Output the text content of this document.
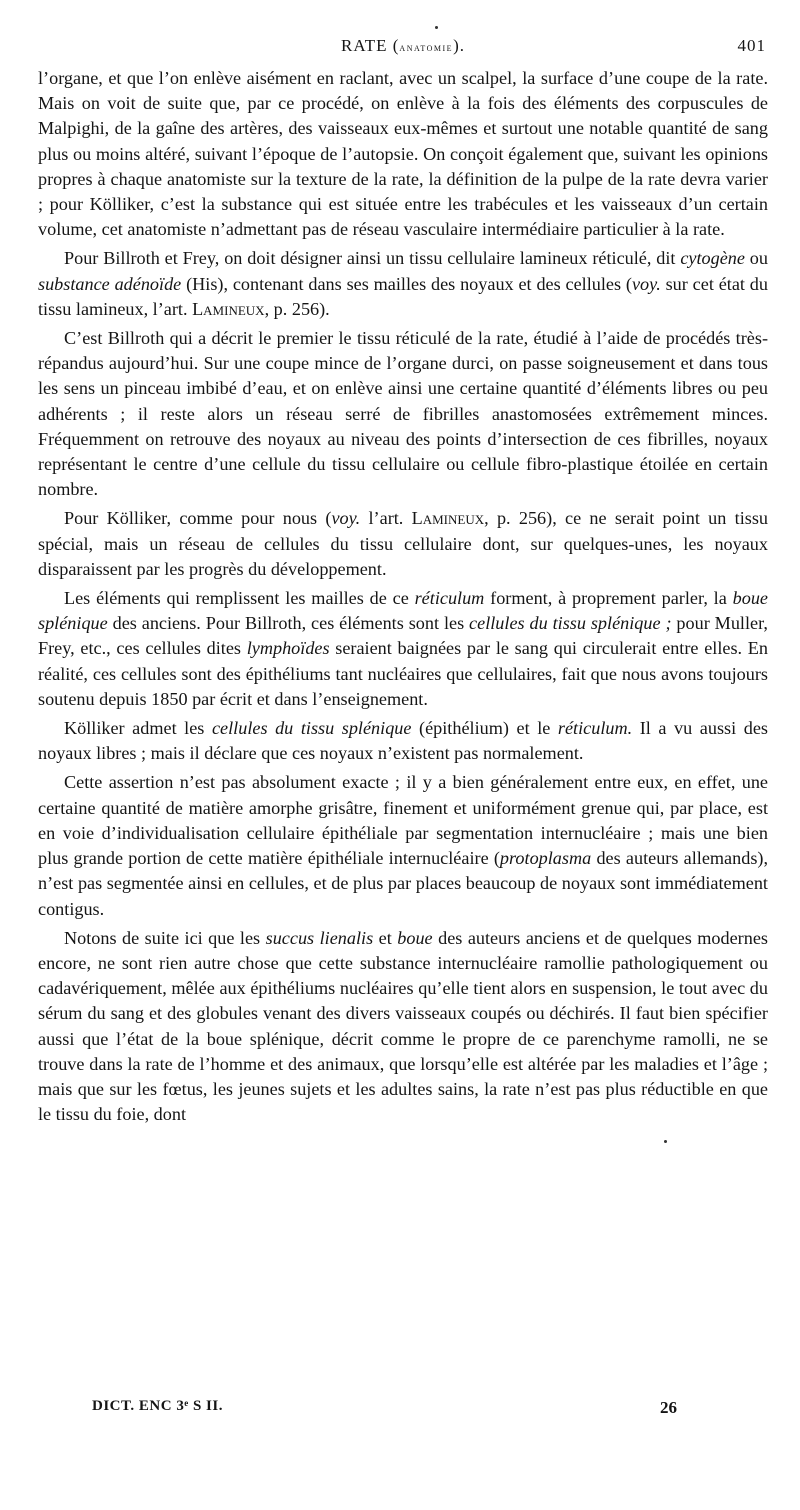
RATE (anatomie).	401

l’organe, et que l’on enlève aisément en raclant, avec un scalpel, la surface d’une coupe de la rate. Mais on voit de suite que, par ce procédé, on enlève à la fois des éléments des corpuscules de Malpighi, de la gaîne des artères, des vaisseaux eux-mêmes et surtout une notable quantité de sang plus ou moins altéré, suivant l’époque de l’autopsie. On conçoit également que, suivant les opinions propres à chaque anatomiste sur la texture de la rate, la définition de la pulpe de la rate devra varier ; pour Kölliker, c’est la substance qui est située entre les trabécules et les vaisseaux d’un certain volume, cet anatomiste n’admettant pas de réseau vasculaire intermédiaire particulier à la rate.

Pour Billroth et Frey, on doit désigner ainsi un tissu cellulaire lamineux réticulé, dit cytogène ou substance adénoïde (His), contenant dans ses mailles des noyaux et des cellules (voy. sur cet état du tissu lamineux, l’art. Lamineux, p. 256).

C’est Billroth qui a décrit le premier le tissu réticulé de la rate, étudié à l’aide de procédés très-répandus aujourd’hui. Sur une coupe mince de l’organe durci, on passe soigneusement et dans tous les sens un pinceau imbibé d’eau, et on enlève ainsi une certaine quantité d’éléments libres ou peu adhérents ; il reste alors un réseau serré de fibrilles anastomosées extrêmement minces. Fréquemment on retrouve des noyaux au niveau des points d’intersection de ces fibrilles, noyaux représentant le centre d’une cellule du tissu cellulaire ou cellule fibro-plastique étoilée en certain nombre.

Pour Kölliker, comme pour nous (voy. l’art. Lamineux, p. 256), ce ne serait point un tissu spécial, mais un réseau de cellules du tissu cellulaire dont, sur quelques-unes, les noyaux disparaissent par les progrès du développement.

Les éléments qui remplissent les mailles de ce réticulum forment, à proprement parler, la boue splénique des anciens. Pour Billroth, ces éléments sont les cellules du tissu splénique ; pour Muller, Frey, etc., ces cellules dites lymphoïdes seraient baignées par le sang qui circulerait entre elles. En réalité, ces cellules sont des épithéliums tant nucléaires que cellulaires, fait que nous avons toujours soutenu depuis 1850 par écrit et dans l’enseignement.

Kölliker admet les cellules du tissu splénique (épithélium) et le réticulum. Il a vu aussi des noyaux libres ; mais il déclare que ces noyaux n’existent pas normalement.

Cette assertion n’est pas absolument exacte ; il y a bien généralement entre eux, en effet, une certaine quantité de matière amorphe grisâtre, finement et uniformément grenue qui, par place, est en voie d’individualisation cellulaire épithéliale par segmentation internucléaire ; mais une bien plus grande portion de cette matière épithéliale internucléaire (protoplasma des auteurs allemands), n’est pas segmentée ainsi en cellules, et de plus par places beaucoup de noyaux sont immédiatement contigus.

Notons de suite ici que les succus lienalis et boue des auteurs anciens et de quelques modernes encore, ne sont rien autre chose que cette substance internucléaire ramollie pathologiquement ou cadavériquement, mêlée aux épithéliums nucléaires qu’elle tient alors en suspension, le tout avec du sérum du sang et des globules venant des divers vaisseaux coupés ou déchirés. Il faut bien spécifier aussi que l’état de la boue splénique, décrit comme le propre de ce parenchyme ramolli, ne se trouve dans la rate de l’homme et des animaux, que lorsqu’elle est altérée par les maladies et l’âge ; mais que sur les fœtus, les jeunes sujets et les adultes sains, la rate n’est pas plus réductible en que le tissu du foie, dont

DICT. ENC 3ᵉ S II.	26
